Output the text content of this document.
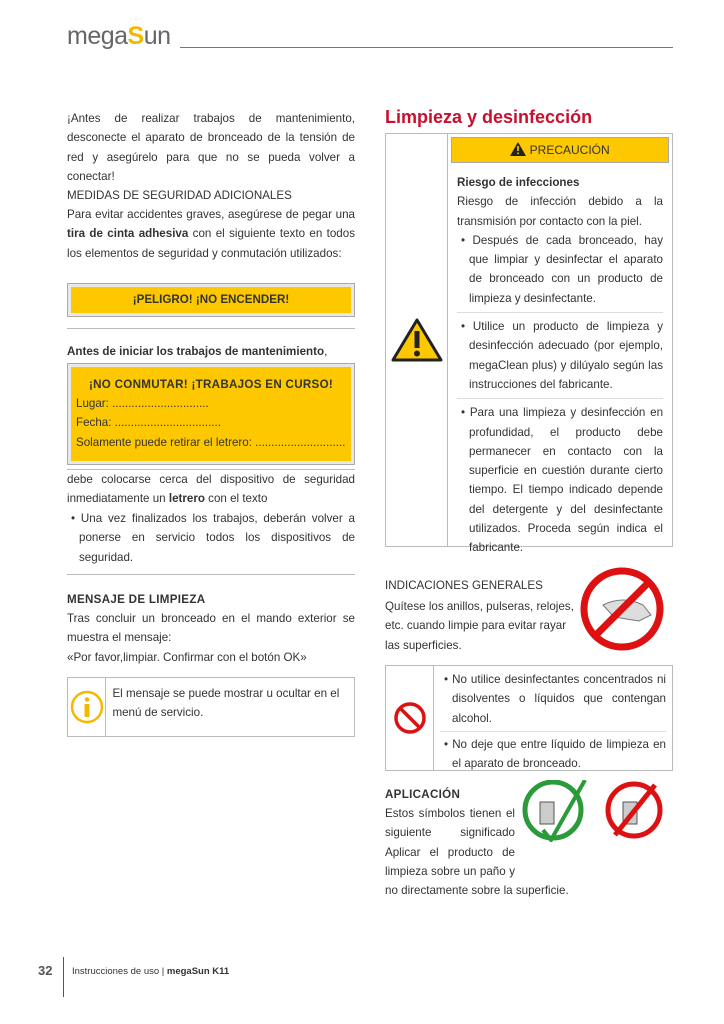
megaSun

¡Antes de realizar trabajos de mantenimiento, desconecte el aparato de bronceado de la tensión de red y asegúrelo para que no se pueda volver a conectar!

MEDIDAS DE SEGURIDAD ADICIONALES

Para evitar accidentes graves, asegúrese de pegar una tira de cinta adhesiva con el siguiente texto en todos los elementos de seguridad y conmutación utilizados:

¡PELIGRO! ¡NO ENCENDER!

Antes de iniciar los trabajos de mantenimiento,

¡NO CONMUTAR! ¡TRABAJOS EN CURSO!

Lugar: ..............................

Fecha: .................................

Solamente puede retirar el letrero: ............................

debe colocarse cerca del dispositivo de seguridad inmediatamente un letrero con el texto

• Una vez finalizados los trabajos, deberán volver a ponerse en servicio todos los dispositivos de seguridad.

MENSAJE DE LIMPIEZA

Tras concluir un bronceado en el mando exterior se muestra el mensaje:

«Por favor,limpiar. Confirmar con el botón OK»

El mensaje se puede mostrar u ocultar en el menú de servicio.

Limpieza y desinfección
PRECAUCIÓN

Riesgo de infecciones

Riesgo de infección debido a la transmisión por contacto con la piel.

• Después de cada bronceado, hay que limpiar y desinfectar el aparato de bronceado con un producto de limpieza y desinfectante.

• Utilice un producto de limpieza y desinfección adecuado (por ejemplo, megaClean plus) y dilúyalo según las instrucciones del fabricante.

• Para una limpieza y desinfección en profundidad, el producto debe permanecer en contacto con la superficie en cuestión durante cierto tiempo. El tiempo indicado depende del detergente y del desinfectante utilizados. Proceda según indica el fabricante.

INDICACIONES GENERALES

Quítese los anillos, pulseras, relojes, etc. cuando limpie para evitar rayar las superficies.

• No utilice desinfectantes concentrados ni disolventes o líquidos que contengan alcohol.

• No deje que entre líquido de limpieza en el aparato de bronceado.

APLICACIÓN

Estos símbolos tienen el siguiente significado Aplicar el producto de limpieza sobre un paño y no directamente sobre la superficie.

32 Instrucciones de uso | megaSun K11
